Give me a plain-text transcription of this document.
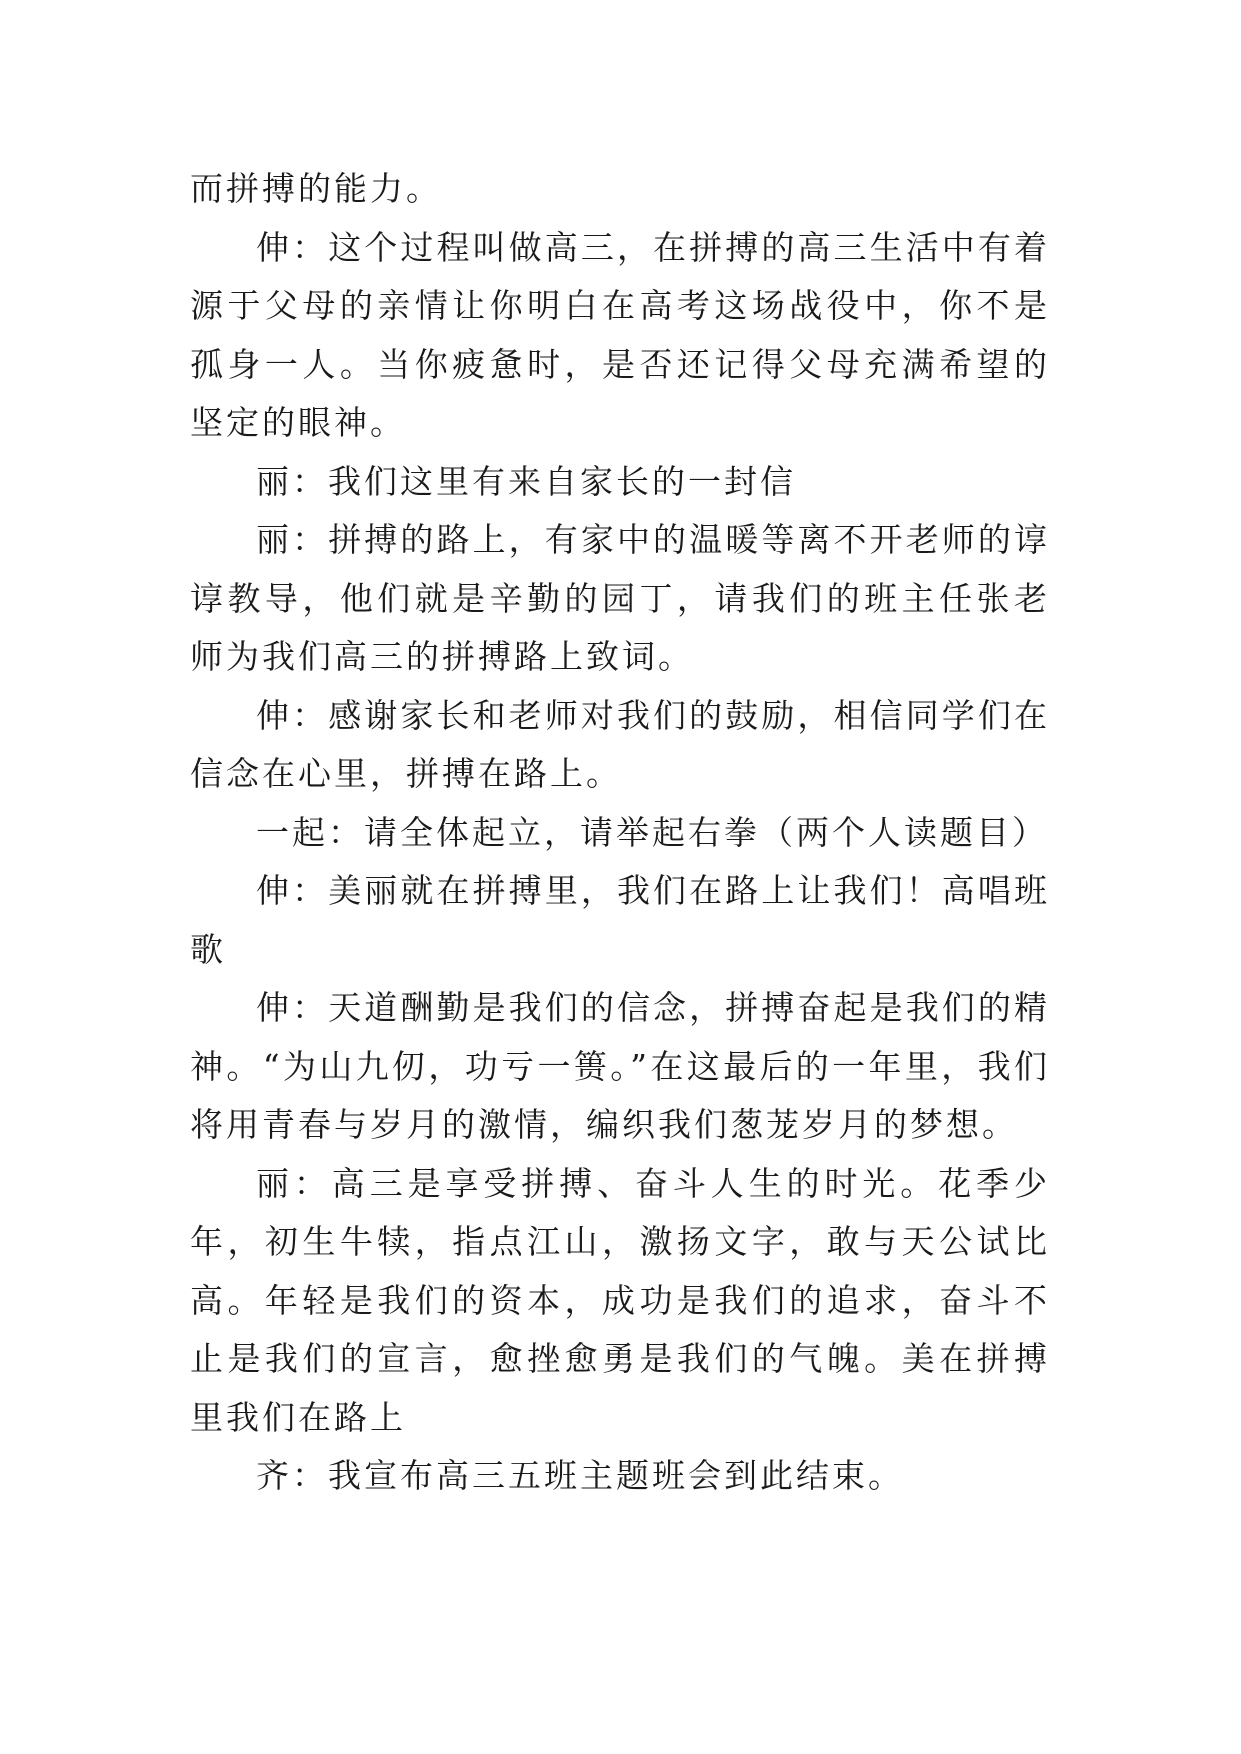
而拼搏的能力。

伸：这个过程叫做高三，在拼搏的高三生活中有着源于父母的亲情让你明白在高考这场战役中，你不是孤身一人。当你疲惫时，是否还记得父母充满希望的坚定的眼神。

丽：我们这里有来自家长的一封信

丽：拼搏的路上，有家中的温暖等离不开老师的谆谆教导，他们就是辛勤的园丁，请我们的班主任张老师为我们高三的拼搏路上致词。

伸：感谢家长和老师对我们的鼓励，相信同学们在信念在心里，拼搏在路上。

一起：请全体起立，请举起右拳（两个人读题目）

伸：美丽就在拼搏里，我们在路上让我们！高唱班歌

伸：天道酬勤是我们的信念，拼搏奋起是我们的精神。“为山九仞，功亏一篑。”在这最后的一年里，我们将用青春与岁月的激情，编织我们葱茏岁月的梦想。

丽：高三是享受拼搏、奋斗人生的时光。花季少年，初生牛犊，指点江山，激扬文字，敢与天公试比高。年轻是我们的资本，成功是我们的追求，奋斗不止是我们的宣言，愈挫愈勇是我们的气魄。美在拼搏里我们在路上

齐：我宣布高三五班主题班会到此结束。
